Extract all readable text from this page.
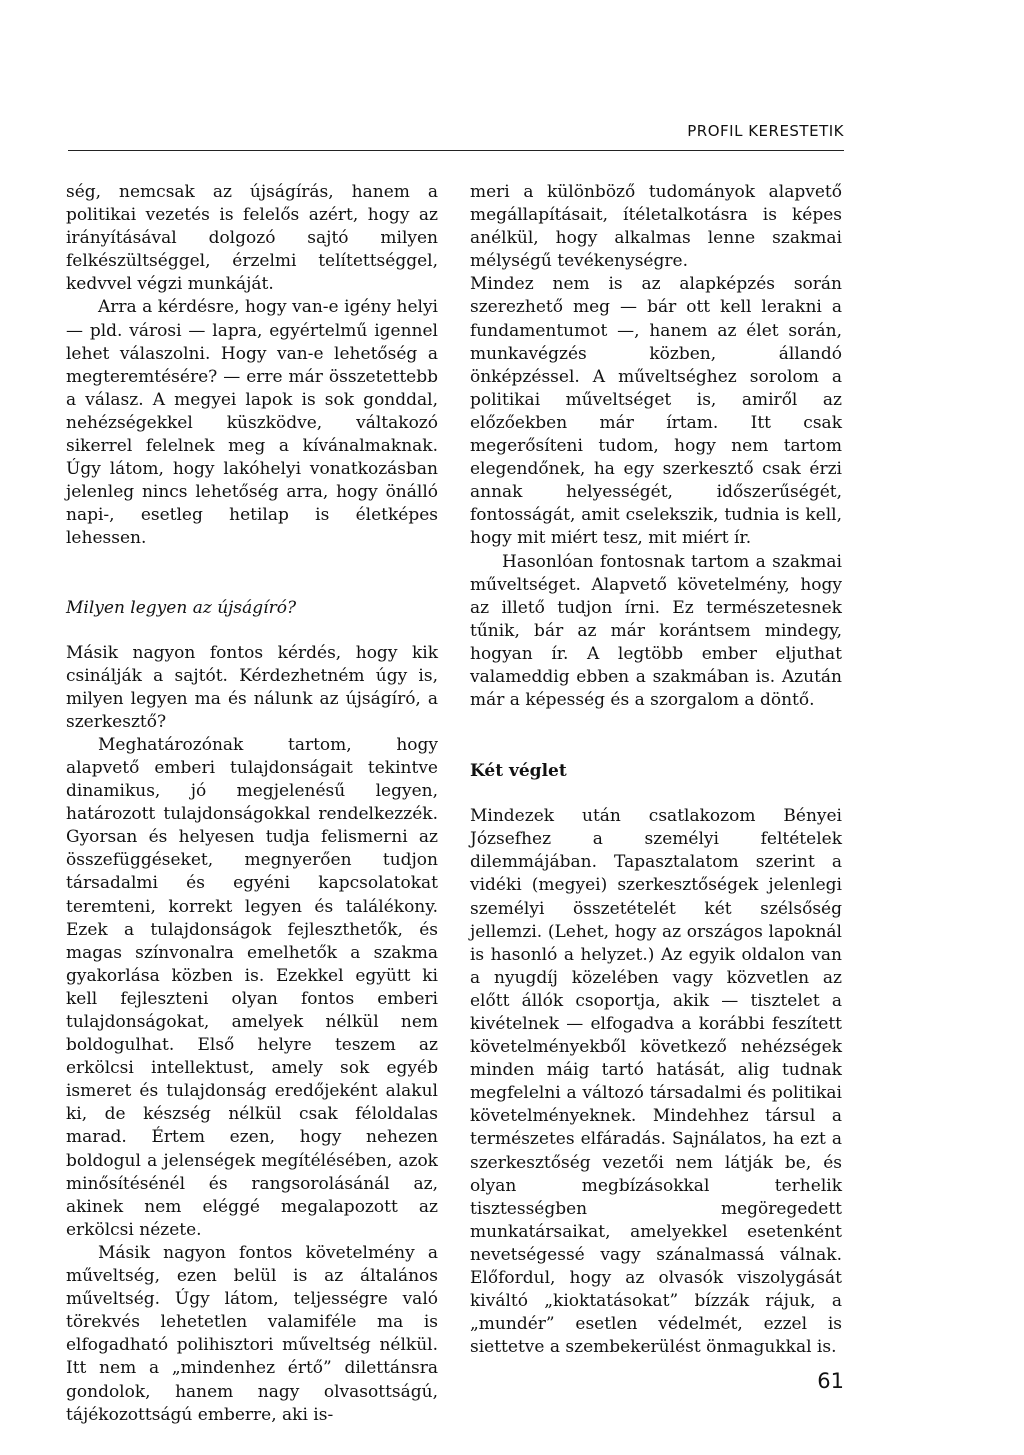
PROFIL KERESTETIK

ség, nemcsak az újságírás, hanem a politikai vezetés is felelős azért, hogy az irányításával dolgozó sajtó milyen felkészültséggel, érzelmi telítettséggel, kedvvel végzi munkáját.

Arra a kérdésre, hogy van-e igény helyi — pld. városi — lapra, egyértelmű igennel lehet válaszolni. Hogy van-e lehetőség a megteremtésére? — erre már összetettebb a válasz. A megyei lapok is sok gonddal, nehézségekkel küszködve, váltakozó sikerrel felelnek meg a kívánalmaknak. Úgy látom, hogy lakóhelyi vonatkozásban jelenleg nincs lehetőség arra, hogy önálló napi-, esetleg hetilap is életképes lehessen.

Milyen legyen az újságíró?

Másik nagyon fontos kérdés, hogy kik csinálják a sajtót. Kérdezhetném úgy is, milyen legyen ma és nálunk az újságíró, a szerkesztő?

Meghatározónak tartom, hogy alapvető emberi tulajdonságait tekintve dinamikus, jó megjelenésű legyen, határozott tulajdonságokkal rendelkezzék. Gyorsan és helyesen tudja felismerni az összefüggéseket, megnyerően tudjon társadalmi és egyéni kapcsolatokat teremteni, korrekt legyen és találékony. Ezek a tulajdonságok fejleszthetők, és magas színvonalra emelhetők a szakma gyakorlása közben is. Ezekkel együtt ki kell fejleszteni olyan fontos emberi tulajdonságokat, amelyek nélkül nem boldogulhat. Első helyre teszem az erkölcsi intellektust, amely sok egyéb ismeret és tulajdonság eredőjeként alakul ki, de készség nélkül csak féloldalas marad. Értem ezen, hogy nehezen boldogul a jelenségek megítélésében, azok minősítésénél és rangsorolásánál az, akinek nem eléggé megalapozott az erkölcsi nézete.

Másik nagyon fontos követelmény a műveltség, ezen belül is az általános műveltség. Úgy látom, teljességre való törekvés lehetetlen valamiféle ma is elfogadható polihisztori műveltség nélkül. Itt nem a „mindenhez értő” dilettánsra gondolok, hanem nagy olvasottságú, tájékozottságú emberre, aki is-

meri a különböző tudományok alapvető megállapításait, ítéletalkotásra is képes anélkül, hogy alkalmas lenne szakmai mélységű tevékenységre.

Mindez nem is az alapképzés során szerezhető meg — bár ott kell lerakni a fundamentumot —, hanem az élet során, munkavégzés közben, állandó önképzéssel. A műveltséghez sorolom a politikai műveltséget is, amiről az előzőekben már írtam. Itt csak megerősíteni tudom, hogy nem tartom elegendőnek, ha egy szerkesztő csak érzi annak helyességét, időszerűségét, fontosságát, amit cselekszik, tudnia is kell, hogy mit miért tesz, mit miért ír.

Hasonlóan fontosnak tartom a szakmai műveltséget. Alapvető követelmény, hogy az illető tudjon írni. Ez természetesnek tűnik, bár az már korántsem mindegy, hogyan ír. A legtöbb ember eljuthat valameddig ebben a szakmában is. Azután már a képesség és a szorgalom a döntő.

Két véglet

Mindezek után csatlakozom Bényei Józsefhez a személyi feltételek dilemmájában. Tapasztalatom szerint a vidéki (megyei) szerkesztőségek jelenlegi személyi összetételét két szélsőség jellemzi. (Lehet, hogy az országos lapoknál is hasonló a helyzet.) Az egyik oldalon van a nyugdíj közelében vagy közvetlen az előtt állók csoportja, akik — tisztelet a kivételnek — elfogadva a korábbi feszített követelményekből következő nehézségek minden máig tartó hatását, alig tudnak megfelelni a változó társadalmi és politikai követelményeknek. Mindehhez társul a természetes elfáradás. Sajnálatos, ha ezt a szerkesztőség vezetői nem látják be, és olyan megbízásokkal terhelik tisztességben megöregedett munkatársaikat, amelyekkel esetenként nevetségessé vagy szánalmassá válnak. Előfordul, hogy az olvasók viszolygását kiváltó „kioktatásokat” bízzák rájuk, a „mundér” esetlen védelmét, ezzel is siettetve a szembekerülést önmagukkal is.

61
